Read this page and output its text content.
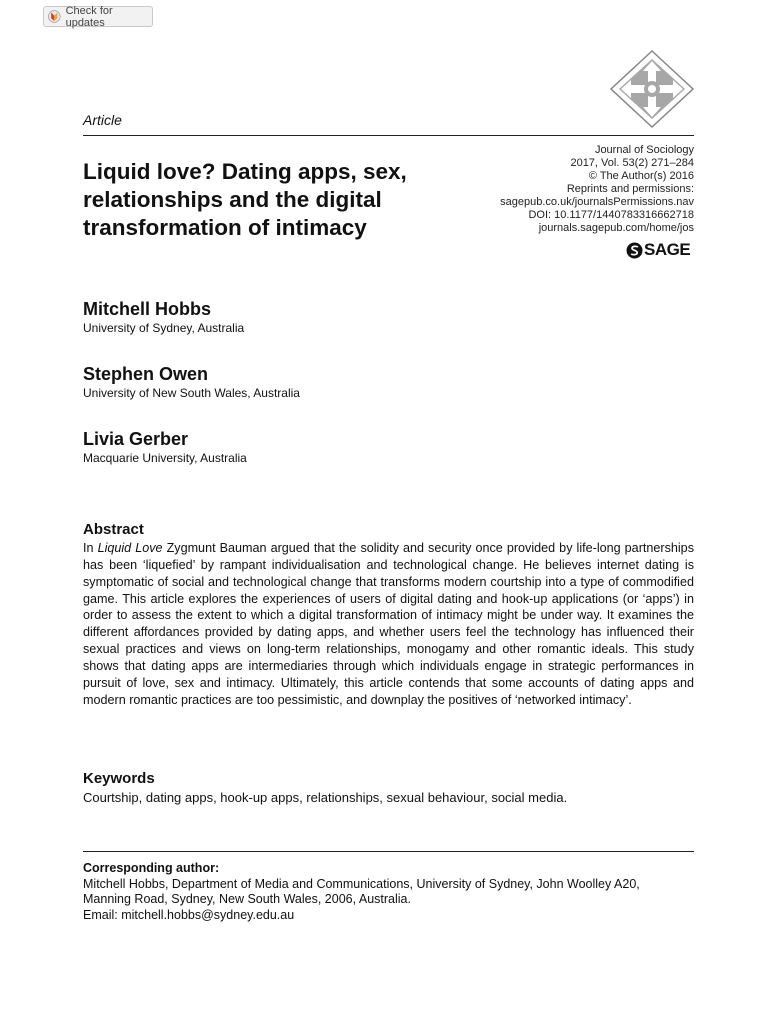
Check for updates
Article
Liquid love? Dating apps, sex, relationships and the digital transformation of intimacy
Journal of Sociology
2017, Vol. 53(2) 271–284
© The Author(s) 2016
Reprints and permissions:
sagepub.co.uk/journalsPermissions.nav
DOI: 10.1177/1440783316662718
journals.sagepub.com/home/jos
SAGE
Mitchell Hobbs
University of Sydney, Australia
Stephen Owen
University of New South Wales, Australia
Livia Gerber
Macquarie University, Australia
Abstract

In Liquid Love Zygmunt Bauman argued that the solidity and security once provided by life-long partnerships has been ‘liquefied’ by rampant individualisation and technological change. He believes internet dating is symptomatic of social and technological change that transforms modern courtship into a type of commodified game. This article explores the experiences of users of digital dating and hook-up applications (or ‘apps’) in order to assess the extent to which a digital transformation of intimacy might be under way. It examines the different affordances provided by dating apps, and whether users feel the technology has influenced their sexual practices and views on long-term relationships, monogamy and other romantic ideals. This study shows that dating apps are intermediaries through which individuals engage in strategic performances in pursuit of love, sex and intimacy. Ultimately, this article contends that some accounts of dating apps and modern romantic practices are too pessimistic, and downplay the positives of ‘networked intimacy’.

Keywords
Courtship, dating apps, hook-up apps, relationships, sexual behaviour, social media.
Corresponding author:
Mitchell Hobbs, Department of Media and Communications, University of Sydney, John Woolley A20,
Manning Road, Sydney, New South Wales, 2006, Australia.
Email: mitchell.hobbs@sydney.edu.au
